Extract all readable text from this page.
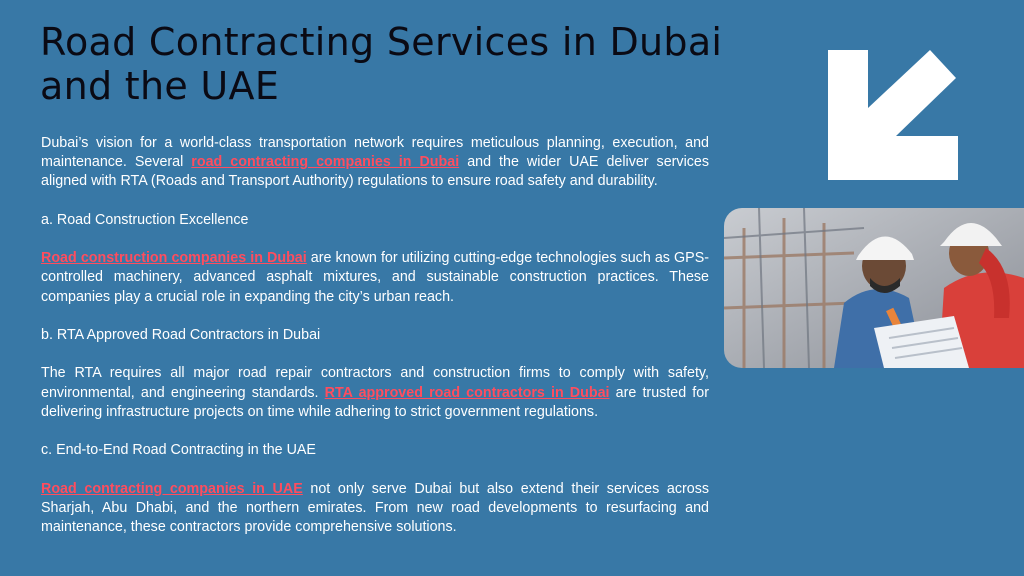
Road Contracting Services in Dubai and the UAE

Dubai’s vision for a world-class transportation network requires meticulous planning, execution, and maintenance. Several road contracting companies in Dubai and the wider UAE deliver services aligned with RTA (Roads and Transport Authority) regulations to ensure road safety and durability.

a. Road Construction Excellence

Road construction companies in Dubai are known for utilizing cutting-edge technologies such as GPS-controlled machinery, advanced asphalt mixtures, and sustainable construction practices. These companies play a crucial role in expanding the city’s urban reach.

b. RTA Approved Road Contractors in Dubai

The RTA requires all major road repair contractors and construction firms to comply with safety, environmental, and engineering standards. RTA approved road contractors in Dubai are trusted for delivering infrastructure projects on time while adhering to strict government regulations.

c. End-to-End Road Contracting in the UAE

Road contracting companies in UAE not only serve Dubai but also extend their services across Sharjah, Abu Dhabi, and the northern emirates. From new road developments to resurfacing and maintenance, these contractors provide comprehensive solutions.
